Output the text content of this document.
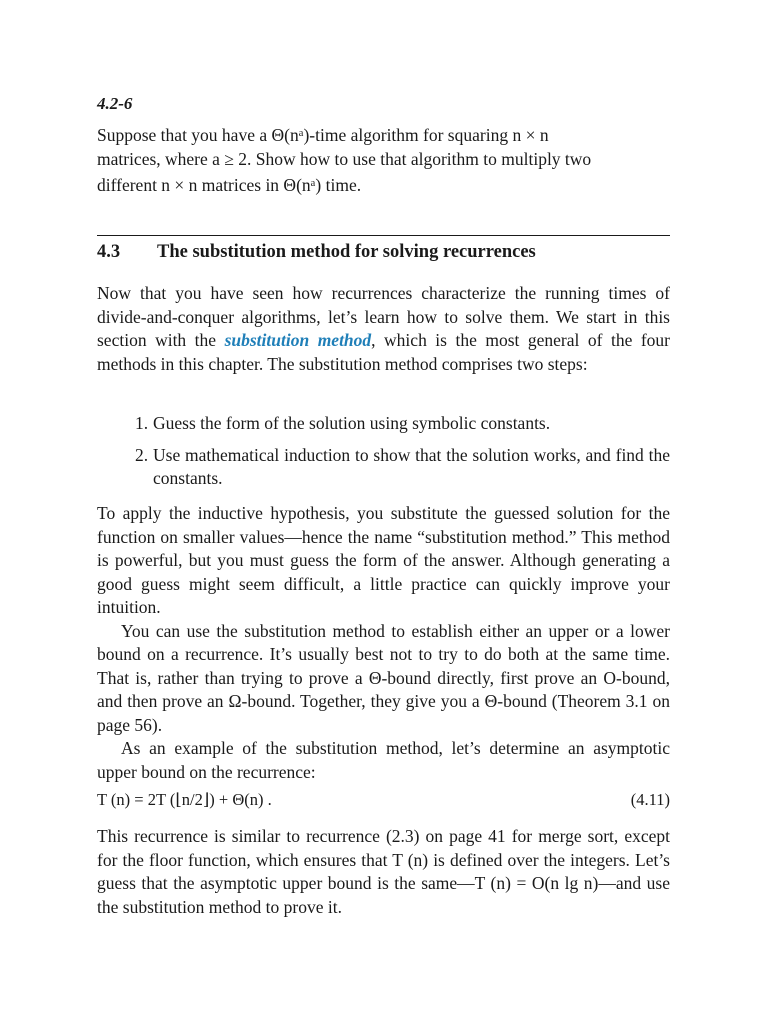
4.2-6
Suppose that you have a Θ(nᵃ)-time algorithm for squaring n × n
matrices, where a ≥ 2. Show how to use that algorithm to multiply two
different n × n matrices in Θ(nᵃ) time.
4.3 The substitution method for solving recurrences
Now that you have seen how recurrences characterize the running times of divide-and-conquer algorithms, let’s learn how to solve them. We start in this section with the substitution method, which is the most general of the four methods in this chapter. The substitution method comprises two steps:
1. Guess the form of the solution using symbolic constants.
2. Use mathematical induction to show that the solution works, and find the constants.
To apply the inductive hypothesis, you substitute the guessed solution for the function on smaller values—hence the name “substitution method.” This method is powerful, but you must guess the form of the answer. Although generating a good guess might seem difficult, a little practice can quickly improve your intuition.
You can use the substitution method to establish either an upper or a lower bound on a recurrence. It’s usually best not to try to do both at the same time. That is, rather than trying to prove a Θ-bound directly, first prove an O-bound, and then prove an Ω-bound. Together, they give you a Θ-bound (Theorem 3.1 on page 56).
As an example of the substitution method, let’s determine an asymptotic upper bound on the recurrence:
T (n) = 2T (⌊n/2⌋) + Θ(n) .	(4.11)
This recurrence is similar to recurrence (2.3) on page 41 for merge sort, except for the floor function, which ensures that T (n) is defined over the integers. Let’s guess that the asymptotic upper bound is the same—T (n) = O(n lg n)—and use the substitution method to prove it.
